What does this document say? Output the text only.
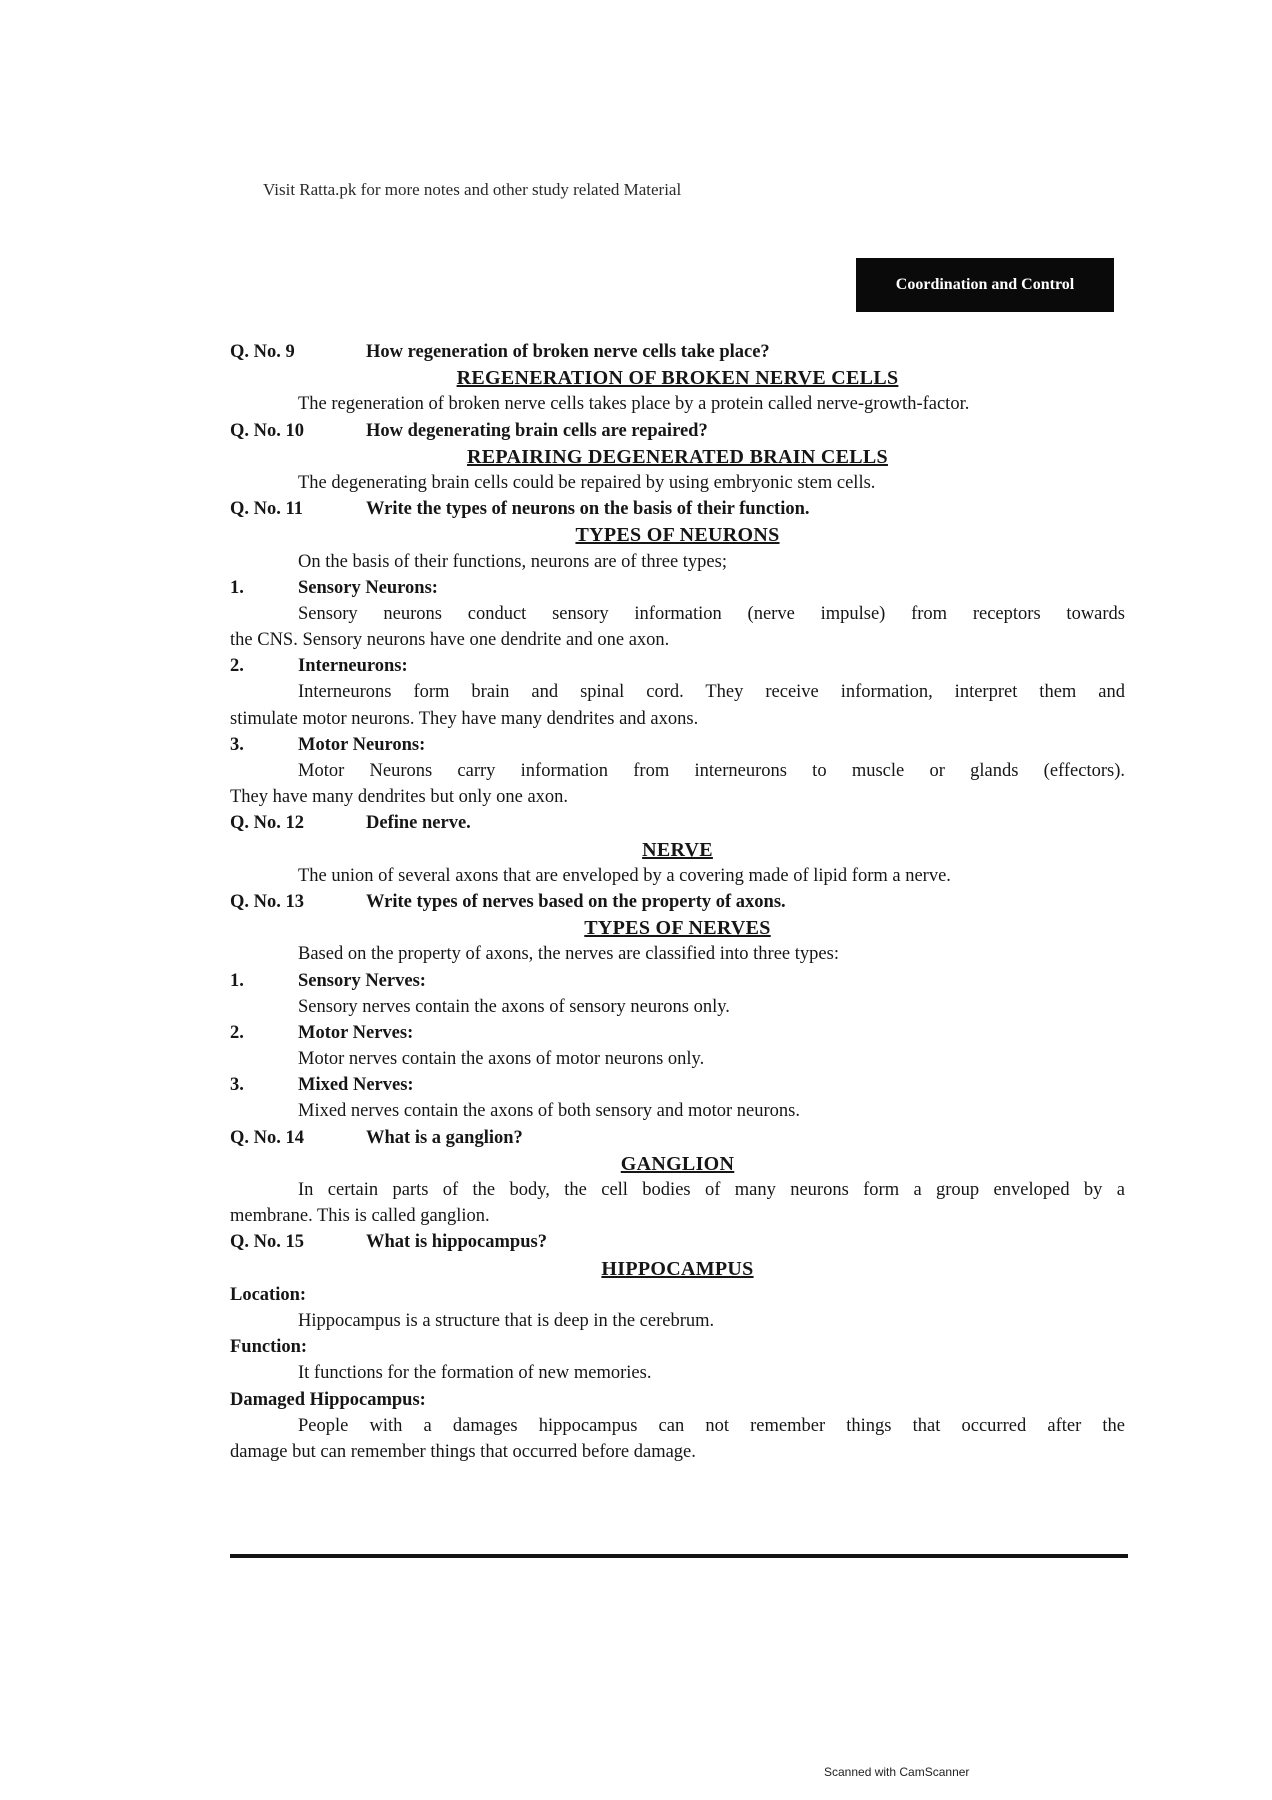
Visit Ratta.pk for more notes and other study related Material
Coordination and Control
Q. No. 9	How regeneration of broken nerve cells take place?
REGENERATION OF BROKEN NERVE CELLS
The regeneration of broken nerve cells takes place by a protein called nerve-growth-factor.
Q. No. 10	How degenerating brain cells are repaired?
REPAIRING DEGENERATED BRAIN CELLS
The degenerating brain cells could be repaired by using embryonic stem cells.
Q. No. 11	Write the types of neurons on the basis of their function.
TYPES OF NEURONS
On the basis of their functions, neurons are of three types;
1.	Sensory Neurons:
Sensory neurons conduct sensory information (nerve impulse) from receptors towards
the CNS. Sensory neurons have one dendrite and one axon.
2.	Interneurons:
Interneurons form brain and spinal cord. They receive information, interpret them and
stimulate motor neurons. They have many dendrites and axons.
3.	Motor Neurons:
Motor Neurons carry information from interneurons to muscle or glands (effectors).
They have many dendrites but only one axon.
Q. No. 12	Define nerve.
NERVE
The union of several axons that are enveloped by a covering made of lipid form a nerve.
Q. No. 13	Write types of nerves based on the property of axons.
TYPES OF NERVES
Based on the property of axons, the nerves are classified into three types:
1.	Sensory Nerves:
Sensory nerves contain the axons of sensory neurons only.
2.	Motor Nerves:
Motor nerves contain the axons of motor neurons only.
3.	Mixed Nerves:
Mixed nerves contain the axons of both sensory and motor neurons.
Q. No. 14	What is a ganglion?
GANGLION
In certain parts of the body, the cell bodies of many neurons form a group enveloped by a
membrane. This is called ganglion.
Q. No. 15	What is hippocampus?
HIPPOCAMPUS
Location:
Hippocampus is a structure that is deep in the cerebrum.
Function:
It functions for the formation of new memories.
Damaged Hippocampus:
People with a damages hippocampus can not remember things that occurred after the
damage but can remember things that occurred before damage.
Scanned with CamScanner
